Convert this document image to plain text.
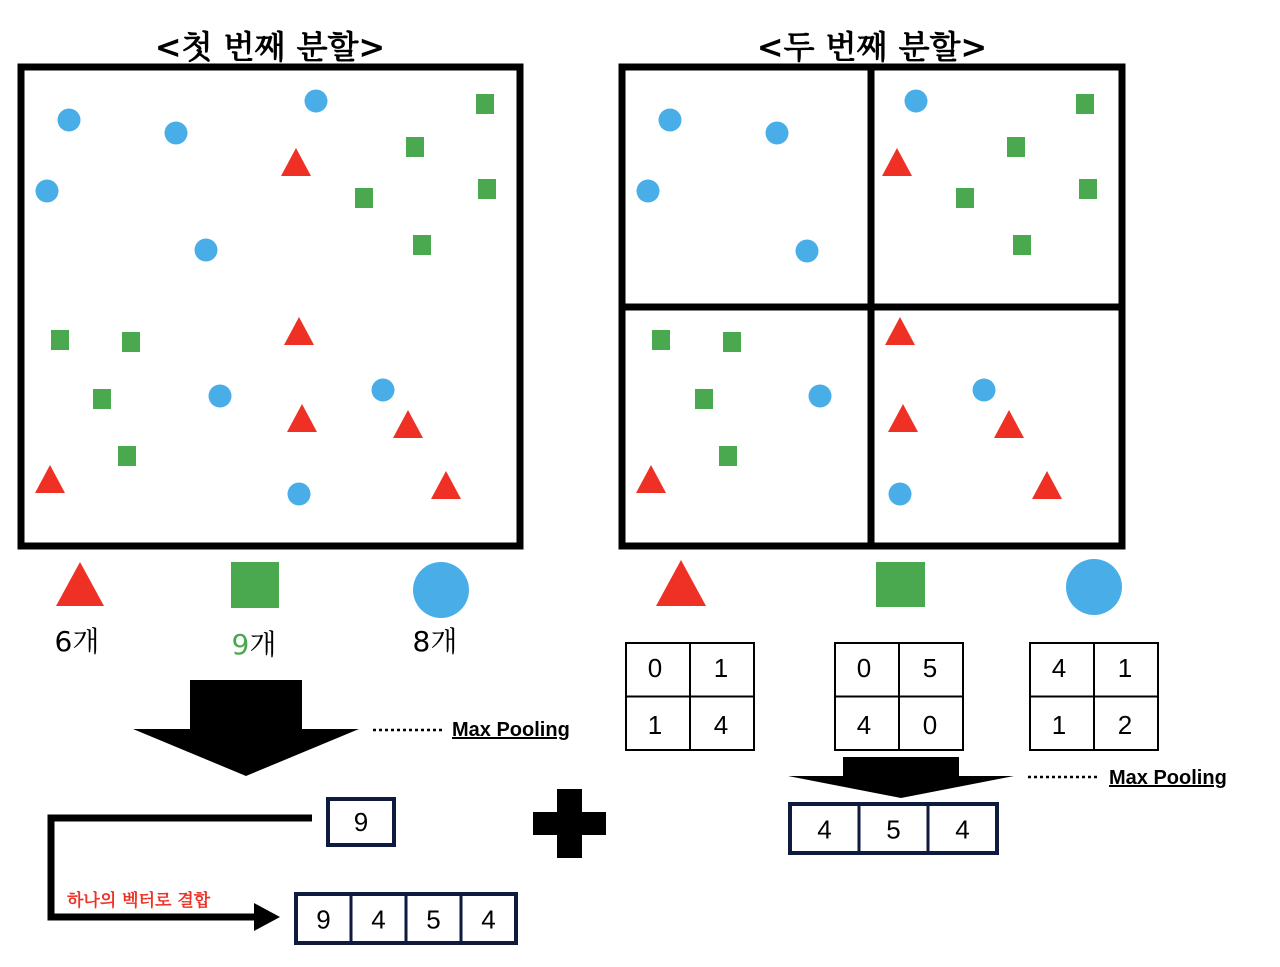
<첫 번째 분할>	<두 번째 분할>
6개	9개	8개
Max Pooling
9
하나의 벡터로 결합
9 4 5 4
0 1
1 4
0 5
4 0
4 1
1 2
Max Pooling
4 5 4
